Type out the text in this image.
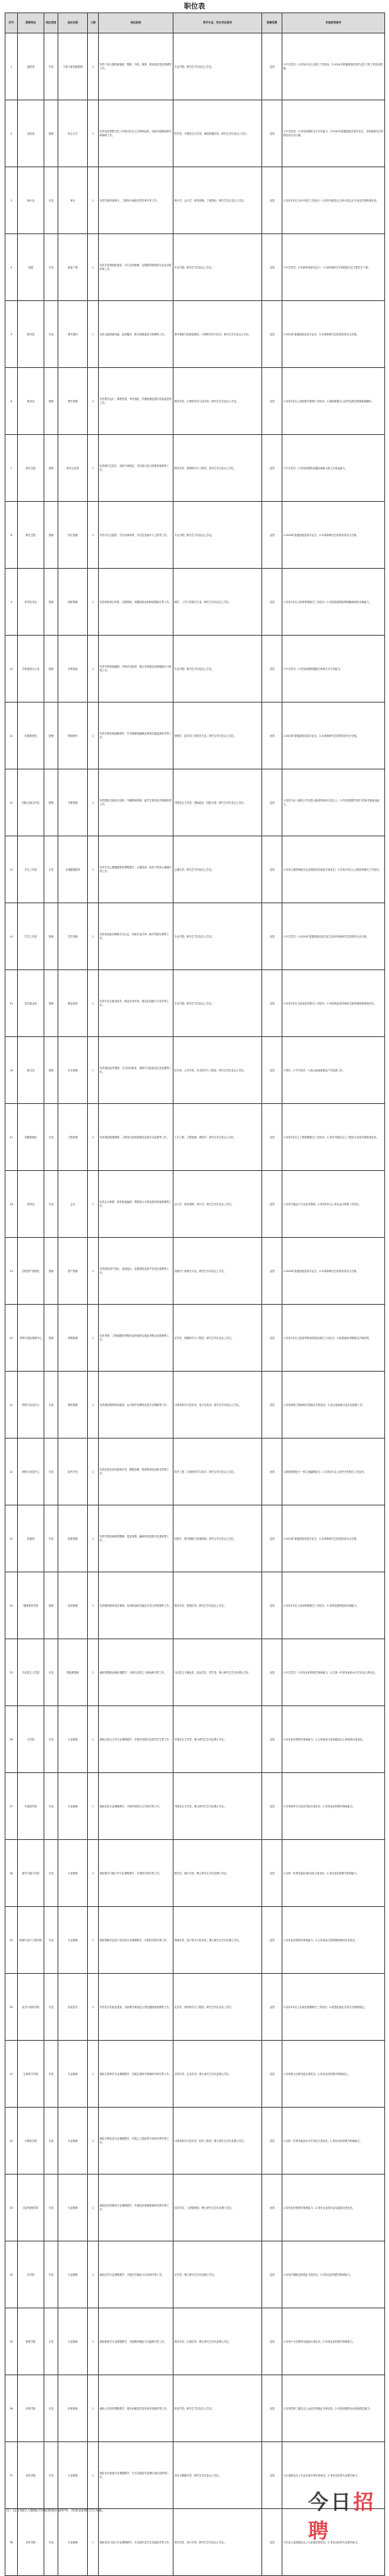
职位表
序号	招聘单位	岗位类别	岗位名称	人数	岗位职责	所学专业、学历学位要求	招聘范围	其他资格条件
1	组织部	专技	干部人事档案管理	1	负责干部人事档案接收、整理、归档、保管、利用及信息化管理等工作。	专业不限；研究生学历及以上学位。	全国	1.中共党员；2.具有2年以上相关工作经历；3.2024年普通高校应届毕业生不受工作经历限制。
2	宣传部	管理	综合文字	1	负责宣传思想文化工作相关综合文字材料起草，协助开展理论研究和调研工作。	哲学类、中国语言文学类、新闻传播学类；研究生学历及以上学位。	全国	1.中共党员；2.具有较强的文字写作能力；3.2024年普通高校应届毕业生，本科和研究生阶段均须为全日制。
3	审计处	专技	审计	1	负责学校内部审计、工程审计和经济责任审计等工作。	审计学、会计学、财务管理、工程造价；研究生学历及以上学位。	全国	1.具有2年以上审计相关工作经历；2.具有中级及以上审计或会计专业技术资格者优先。
4	团委	专技	团委干事	1	负责共青团组织建设、学生社团管理、志愿服务和校园文化活动组织等工作。	专业不限；研究生学历及以上学位。	全国	1.中共党员；2.年龄30周岁及以下；3.本科或研究生阶段担任过主要学生干部。
5	图书馆	专技	图书资料	1	负责文献资源采编、读者服务、数字资源建设与管理等工作。	图书情报与档案管理类、计算机科学与技术；研究生学历及以上学位。	全国	1.2024年普通高校应届毕业生；2.本科和研究生阶段均须为全日制。
6	教务处	管理	教学管理	1	负责教学运行、课程安排、考务组织、学籍管理及教学质量监控等工作。	教育学类、计算机科学与技术类；研究生学历及以上学位。	全国	1.具有2年以上高校教学管理工作经历；2.熟练掌握办公软件及教务管理系统操作。
7	研究生院	管理	研究生培养	1	负责研究生招生、培养方案制定、学位授予及日常教育管理等工作。	教育学类、管理科学与工程类；研究生学历及以上学位。	全国	1.中共党员；2.具有较强的沟通协调能力和文字表达能力。
8	研究生院	管理	学位管理	1	负责学位点建设、学位申请审核、学位信息统计与上报等工作。	专业不限；研究生学历及以上学位。	全国	1.2024年普通高校应届毕业生；2.本科和研究生阶段均须为全日制。
9	科学技术处	管理	科研管理	1	负责科研项目申报、过程管理、结题验收及科研成果统计等工作。	理学、工学门类相关专业；研究生学历及以上学位。	全国	1.具有2年以上科研管理相关工作经历；2.具有较强的政策理解和组织协调能力。
10	学科建设办公室	管理	学科建设	1	负责学科规划编制、学科评估组织、重点学科建设及数据统计分析等工作。	专业不限；研究生学历及以上学位。	全国	1.中共党员；2.具有较强的数据分析和文字写作能力。
11	发展规划处	管理	规划研究	1	负责学校发展战略研究、中长期规划编制及规划实施监测评估等工作。	管理学、经济学门类相关专业；研究生学历及以上学位。	全国	1.2024年普通高校应届毕业生；2.本科和研究生阶段均须为全日制。
12	国际交流合作处	管理	外事管理	1	负责国际交流项目组织、外籍教师管理、留学生事务及外事接待等工作。	外国语言文学类、国际政治、国际关系；研究生学历及以上学位。	全国	1.英语专业八级或大学英语六级成绩425分及以上；2.具有较强的外语口语和书面表达能力。
13	学生工作部	专技	心理健康教育	1	负责学生心理健康教育课程教学、心理咨询、危机干预及心理测评等工作。	心理学类；研究生学历及以上学位。	全国	1.具有心理咨询相关从业资格或培训证书者优先；2.具有1年以上心理咨询相关工作经历。
14	学生工作部	管理	学生资助	1	负责家庭经济困难学生认定、奖助学金评审、助学贷款办理等工作。	专业不限；研究生学历及以上学位。	全国	1.中共党员；2.2024年普通高校应届毕业生须本科和研究生阶段均为全日制。
15	招生就业处	管理	就业指导	1	负责毕业生就业指导、就业市场开拓、就业信息统计与发布等工作。	专业不限；研究生学历及以上学位。	全国	1.具有2年以上就业指导相关工作经历；2.具有职业指导师或生涯规划师资格者优先。
16	保卫处	管理	安全管理	1	负责校园治安管理、安全宣传教育、消防安全检查及应急处置等工作。	法学类、公安学类、安全科学与工程类；研究生学历及以上学位。	全国	1.男性；2.中共党员；3.适合夜间值班及户外巡查工作。
17	后勤管理处	专技	工程管理	1	负责校园基建维修、工程项目现场管理及质量安全监督等工作。	土木工程、工程管理、建筑学；研究生学历及以上学位。	全国	1.具有2年以上工程管理相关工作经历；2.具有中级及以上工程类专业技术资格者优先。
18	财务处	专技	会计	1	负责会计核算、财务报表编制、预算执行分析及财务档案管理等工作。	会计学、财务管理、审计学；研究生学历及以上学位。	全国	1.具有中级会计专业技术资格；2.具有2年以上单位会计核算工作经历。
19	国有资产管理处	管理	资产管理	1	负责国有资产登记、清查盘点、处置审批及资产信息化管理等工作。	管理学门类相关专业；研究生学历及以上学位。	全国	1.2024年普通高校应届毕业生；2.本科和研究生阶段均须为全日制。
20	采购与招标管理中心	管理	采购管理	1	负责货物、工程和服务采购项目的组织实施及采购合同管理等工作。	法学类、管理科学与工程类；研究生学历及以上学位。	全国	1.具有2年以上政府采购或招投标相关工作经历；2.熟悉政府采购相关法律法规。
21	网络与信息中心	专技	网络管理	1	负责校园网络规划建设、运行维护及网络信息安全保障等工作。	计算机科学与技术类、电子信息类；研究生学历及以上学位。	全国	1.具有网络工程师相关资格证书者优先；2.适合夜间值守及应急抢修工作。
22	网络与信息中心	专技	软件开发	1	负责信息化应用系统开发、数据治理、系统集成及运维支持等工作。	软件工程、计算机科学与技术；研究生学历及以上学位。	全国	1.熟练掌握至少一种主流编程语言；2.具有2年以上软件开发相关工作经历。
23	档案馆	专技	档案管理	1	负责学校档案收集整理、鉴定保管、编研利用及数字化建设等工作。	档案学、图书情报与档案管理；研究生学历及以上学位。	全国	1.2024年普通高校应届毕业生；2.本科和研究生阶段均须为全日制。
24	继续教育学院	管理	培训管理	1	负责继续教育项目策划、培训班组织实施及学员日常管理等工作。	教育学类、管理学类；研究生学历及以上学位。	全国	1.具有2年以上培训管理相关工作经历；2.具有较强的组织协调能力。
25	马克思主义学院	专技	思政课教师	2	承担思想政治理论课教学、开展马克思主义理论研究等工作。	马克思主义理论类、政治学类、哲学类；博士研究生学历及博士学位。	全国	1.中共党员；2.具有良好的教学科研能力；3.以第一作者发表高水平学术论文者优先。
26	文学院	专技	专业教师	1	承担汉语言文学专业课程教学、开展学术研究及指导学生等工作。	中国语言文学类；博士研究生学历及博士学位。	全国	1.具有良好的教学科研能力；2.主持或参与省部级及以上科研项目者优先。
27	外国语学院	专技	专业教师	1	承担英语专业课程教学、开展外国语言文学研究等工作。	外国语言文学类；博士研究生学历及博士学位。	全国	1.具有海外学习或访学经历者优先；2.具有良好的教学科研能力。
28	数学与统计学院	专技	专业教师	1	承担数学与统计学专业课程教学、开展科学研究等工作。	数学类、统计学类；博士研究生学历及博士学位。	全国	1.以第一作者发表SCI收录论文者优先；2.具有良好的教学科研能力。
29	物理与电子工程学院	专技	专业教师	1	承担物理学及电子信息类专业课程教学、开展科学研究等工作。	物理学类、电子科学与技术类；博士研究生学历及博士学位。	全国	1.具有良好的教学科研能力；2.主持或参与国家级科研项目者优先。
30	化学与材料学院	专技	实验技术	1	负责化学实验室建设、实验教学准备及大型仪器设备管理等工作。	化学类、材料科学与工程类；研究生学历及以上学位。	全国	1.具有2年以上实验室管理相关工作经历；2.熟悉危险化学品安全管理规定。
31	生命科学学院	专技	专业教师	1	承担生物科学专业课程教学、开展生命科学领域科学研究等工作。	生物学类、生态学类；博士研究生学历及博士学位。	全国	1.具有博士后研究经历者优先；2.具有良好的教学科研能力。
32	计算机学院	专技	专业教师	2	承担计算机类专业课程教学、开展人工智能等方向科学研究等工作。	计算机科学与技术类、软件工程类；博士研究生学历及博士学位。	全国	1.以第一作者发表高水平学术论文者优先；2.具有良好的教学科研能力。
33	经济管理学院	专技	专业教师	1	承担经济管理类专业课程教学、开展经济管理领域科学研究等工作。	经济学类、工商管理类；博士研究生学历及博士学位。	全国	1.具有良好的教学科研能力；2.具有企业或行业实践经历者优先。
34	法学院	专技	专业教师	1	承担法学专业课程教学、开展法学理论与实务研究等工作。	法学类；博士研究生学历及博士学位。	全国	1.具有法律职业资格证书者优先；2.具有良好的教学科研能力。
35	教育学院	专技	专业教师	1	承担教育学专业课程教学、开展教育理论与实践研究等工作。	教育学类、心理学类；博士研究生学历及博士学位。	全国	1.具有中小学教育实践经历者优先；2.具有良好的教学科研能力。
36	体育学院	专技	体育教师	1	承担公共体育课程教学、课余训练指导及体育竞赛组织等工作。	体育学类；研究生学历及以上学位。	全国	1.具有国家二级及以上运动员等级证书者优先；2.具有较强的运动训练指导能力。
37	音乐学院	专技	专业教师	1	承担音乐表演专业课程教学、艺术实践指导及舞台演出组织等工作。	音乐与舞蹈学类；研究生学历及以上学位。	全国	1.在省级及以上专业比赛中获奖者优先；2.具有良好的专业教学能力。
38	美术学院	专技	专业教师	1	承担美术与设计专业课程教学、艺术创作及学生实践指导等工作。	美术学类、设计学类；研究生学历及以上学位。	全国	1.作品入选省级及以上专业展览者优先；2.具有良好的专业教学能力。
注：以上岗位人数统计均按照岗位表所列，具体以招聘公告为准。	今日招聘
